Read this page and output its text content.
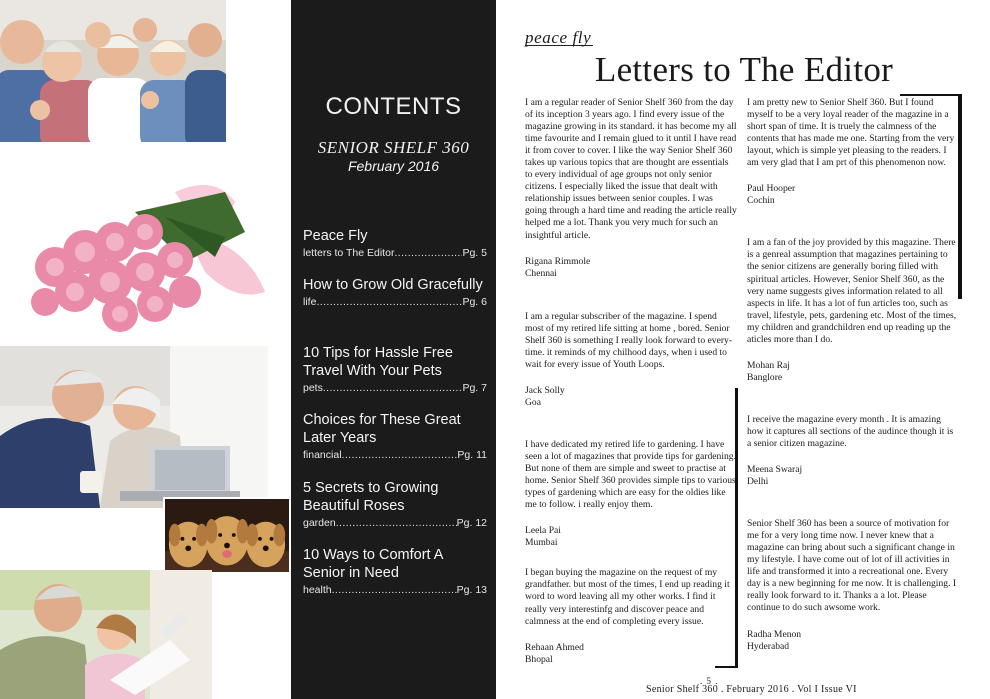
CONTENTS
SENIOR SHELF 360
February 2016
Peace Fly
letters to The Editor .....	Pg. 5
How to Grow Old Gracefully
life .....	Pg. 6
10 Tips for Hassle Free Travel With Your Pets
pets .....	Pg. 7
Choices for These Great Later Years
financial .....	Pg. 11
5 Secrets to Growing Beautiful Roses
garden .....	Pg. 12
10 Ways to Comfort A Senior in Need
health .....	Pg. 13
peace fly
Letters to The Editor
I am a regular reader of Senior Shelf 360 from the day of its inception 3 years ago. I find every issue of the magazine growing in its standard. it has become my all time favourite and I remain glued to it until I have read it from cover to cover. I like the way Senior Shelf 360 takes up various topics that are thought are essentials to every individual of age groups not only senior citizens. I especially liked the issue that dealt with relationship issues between senior couples. I was going through a hard time and reading the article really helped me a lot. Thank you very much for such an insightful article.
Rigana Rimmole
Chennai
I am a regular subscriber of the magazine. I spend most of my retired life sitting at home , bored. Senior Shelf 360 is something I really look forward to every-time. it reminds of my chilhood days, when i used to wait for every issue of Youth Loops.
Jack Solly
Goa
I have dedicated my retired life to gardening. I have seen a lot of magazines that provide tips for gardening. But none of them are simple and sweet to practise at home. Senior Shelf 360 provides simple tips to various types of gardening which are easy for the oldies like me to follow. i really enjoy them.
Leela Pai
Mumbai
I began buying the magazine on the request of my grandfather. but most of the times, I end up reading it word to word leaving all my other works. I find it really very interestinfg and discover peace and calmness at the end of completing every issue.
Rehaan Ahmed
Bhopal
I am pretty new to Senior Shelf 360. But I found myself to be a very loyal reader of the magazine in a short span of time. It is truely the calmness of the contents that has made me one. Starting from the very layout, which is simple yet pleasing to the readers. I am very glad that I am prt of this phenomenon now.
Paul Hooper
Cochin
I am a fan of the joy provided by this magazine. There is a genreal assumption that magazines pertaining to the senior citizens are generally boring filled with spiritual articles. However, Senior Shelf 360, as the very name suggests gives information related to all aspects in life. It has a lot of fun articles too, such as travel, lifestyle, pets, gardening etc. Most of the times, my children and grandchildren end up reading up the aticles more than I do.
Mohan Raj
Banglore
I receive the magazine every month . It is amazing how it captures all sections of the audince though it is a senior citizen magazine.
Meena Swaraj
Delhi
Senior Shelf 360 has been a source of motivation for me for a very long time now. I never knew that a magazine can bring about such a significant change in my lifestyle. I have come out of lot of ill activities in life and transformed it into a recreational one. Every day is a new beginning for me now. It is challenging. I really look forward to it. Thanks a a lot. Please continue to do such awsome work.
Radha Menon
Hyderabad
. 5 .
Senior Shelf 360 . February 2016 . Vol I Issue VI
